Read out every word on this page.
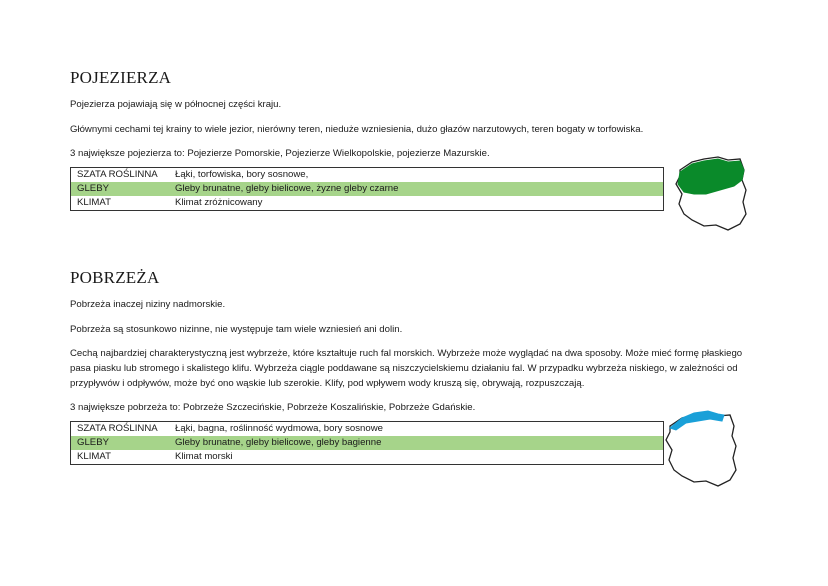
POJEZIERZA

Pojezierza pojawiają się w północnej części kraju.

Głównymi cechami tej krainy to wiele jezior, nierówny teren, nieduże wzniesienia, dużo głazów narzutowych, teren bogaty w torfowiska.

3 największe pojezierza to: Pojezierze Pomorskie, Pojezierze Wielkopolskie, pojezierze Mazurskie.

SZATA ROŚLINNA	Łąki, torfowiska, bory sosnowe,
GLEBY	Gleby brunatne, gleby bielicowe, żyzne gleby czarne
KLIMAT	Klimat zróżnicowany
POBRZEŻA

Pobrzeża inaczej niziny nadmorskie.

Pobrzeża są stosunkowo nizinne, nie występuje tam wiele wzniesień ani dolin.

Cechą najbardziej charakterystyczną jest wybrzeże, które kształtuje ruch fal morskich. Wybrzeże może wyglądać na dwa sposoby. Może mieć formę płaskiego

pasa piasku lub stromego i skalistego klifu. Wybrzeża ciągle poddawane są niszczycielskiemu działaniu fal. W przypadku wybrzeża niskiego, w zależności od

przypływów i odpływów, może być ono wąskie lub szerokie. Klify, pod wpływem wody kruszą się, obrywają, rozpuszczają.

3 największe pobrzeża to: Pobrzeże Szczecińskie, Pobrzeże Koszalińskie, Pobrzeże Gdańskie.

SZATA ROŚLINNA	Łąki, bagna, roślinność wydmowa, bory sosnowe
GLEBY	Gleby brunatne, gleby bielicowe, gleby bagienne
KLIMAT	Klimat morski
